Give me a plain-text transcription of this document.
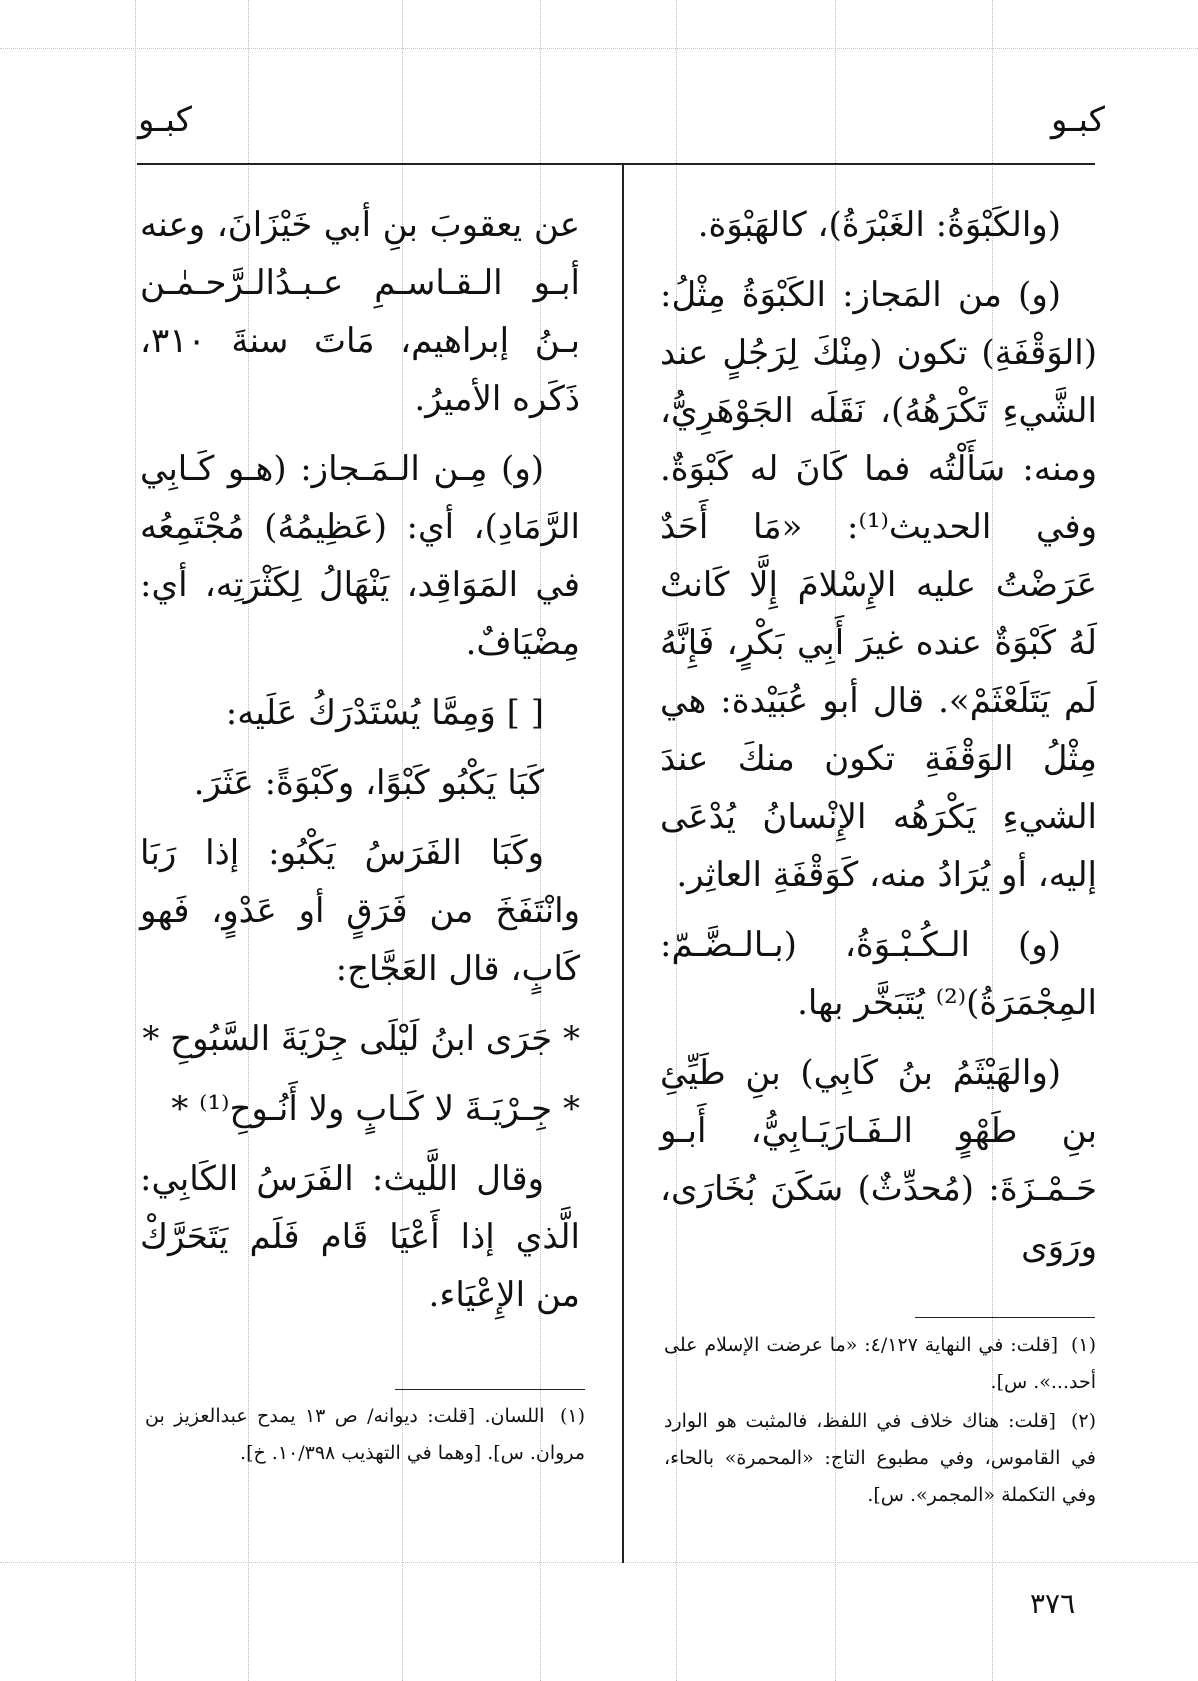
كبـو	كبـو

(والكَبْوَةُ: الغَبْرَةُ)، كالهَبْوَة.

(و) من المَجاز: الكَبْوَةُ مِثْلُ: (الوَقْفَةِ) تكون (مِنْكَ لِرَجُلٍ عند الشَّيءِ تَكْرَهُهُ)، نَقَلَه الجَوْهَرِيُّ، ومنه: سَأَلْتُه فما كَانَ له كَبْوَةٌ. وفي الحديث⁽¹⁾: «مَا أَحَدٌ عَرَضْتُ عليه الإِسْلامَ إِلَّا كَانتْ لَهُ كَبْوَةٌ عنده غيرَ أَبِي بَكْرٍ، فَإِنَّهُ لَم يَتَلَعْثَمْ». قال أبو عُبَيْدة: هي مِثْلُ الوَقْفَةِ تكون منكَ عندَ الشيءِ يَكْرَهُه الإِنْسانُ يُدْعَى إليه، أو يُرَادُ منه، كَوَقْفَةِ العاثِر.

(و) الـكُـبْـوَةُ، (بـالـضَّـمّ: المِجْمَرَةُ)⁽²⁾ يُتَبَخَّر بها.

(والهَيْثَمُ بنُ كَابِي) بنِ طَيِّئِ بنِ طَهْوٍ الـفَـارَيَـابِيُّ، أَبـو حَـمْـزَةَ: (مُحدِّثٌ) سَكَنَ بُخَارَى، ورَوَى

عن يعقوبَ بنِ أبي خَيْزَانَ، وعنه أبـو الـقـاسـمِ عـبـدُالـرَّحـمٰـن بـنُ إبراهيم، مَاتَ سنةَ ٣١٠، ذَكَره الأميرُ.

(و) مِـن الـمَـجاز: (هـو كَـابِي الرَّمَادِ)، أي: (عَظِيمُهُ) مُجْتَمِعُه في المَوَاقِد، يَنْهَالُ لِكَثْرَتِه، أي: مِضْيَافٌ.

[ ] وَمِمَّا يُسْتَدْرَكُ عَلَيه:

كَبَا يَكْبُو كَبْوًا، وكَبْوَةً: عَثَرَ.

وكَبَا الفَرَسُ يَكْبُو: إذا رَبَا وانْتَفَخَ من فَرَقٍ أو عَدْوٍ، فَهو كَابٍ، قال العَجَّاج:

* جَرَى ابنُ لَيْلَى جِرْيَةَ السَّبُوحِ *

* جِـرْيَـةَ لا كَـابٍ ولا أَنُـوحِ⁽¹⁾ *

وقال اللَّيث: الفَرَسُ الكَابِي: الَّذي إذا أَعْيَا قَام فَلَم يَتَحَرَّكْ من الإِعْيَاء.

(١) [قلت: في النهاية ٤/١٢٧: «ما عرضت الإسلام على أحد...». س].
(٢) [قلت: هناك خلاف في اللفظ، فالمثبت هو الوارد في القاموس، وفي مطبوع التاج: «المحمرة» بالحاء، وفي التكملة «المجمر». س].
(١) اللسان. [قلت: ديوانه/ ص ١٣ يمدح عبدالعزيز بن مروان. س]. [وهما في التهذيب ١٠/٣٩٨. خ].
٣٧٦
